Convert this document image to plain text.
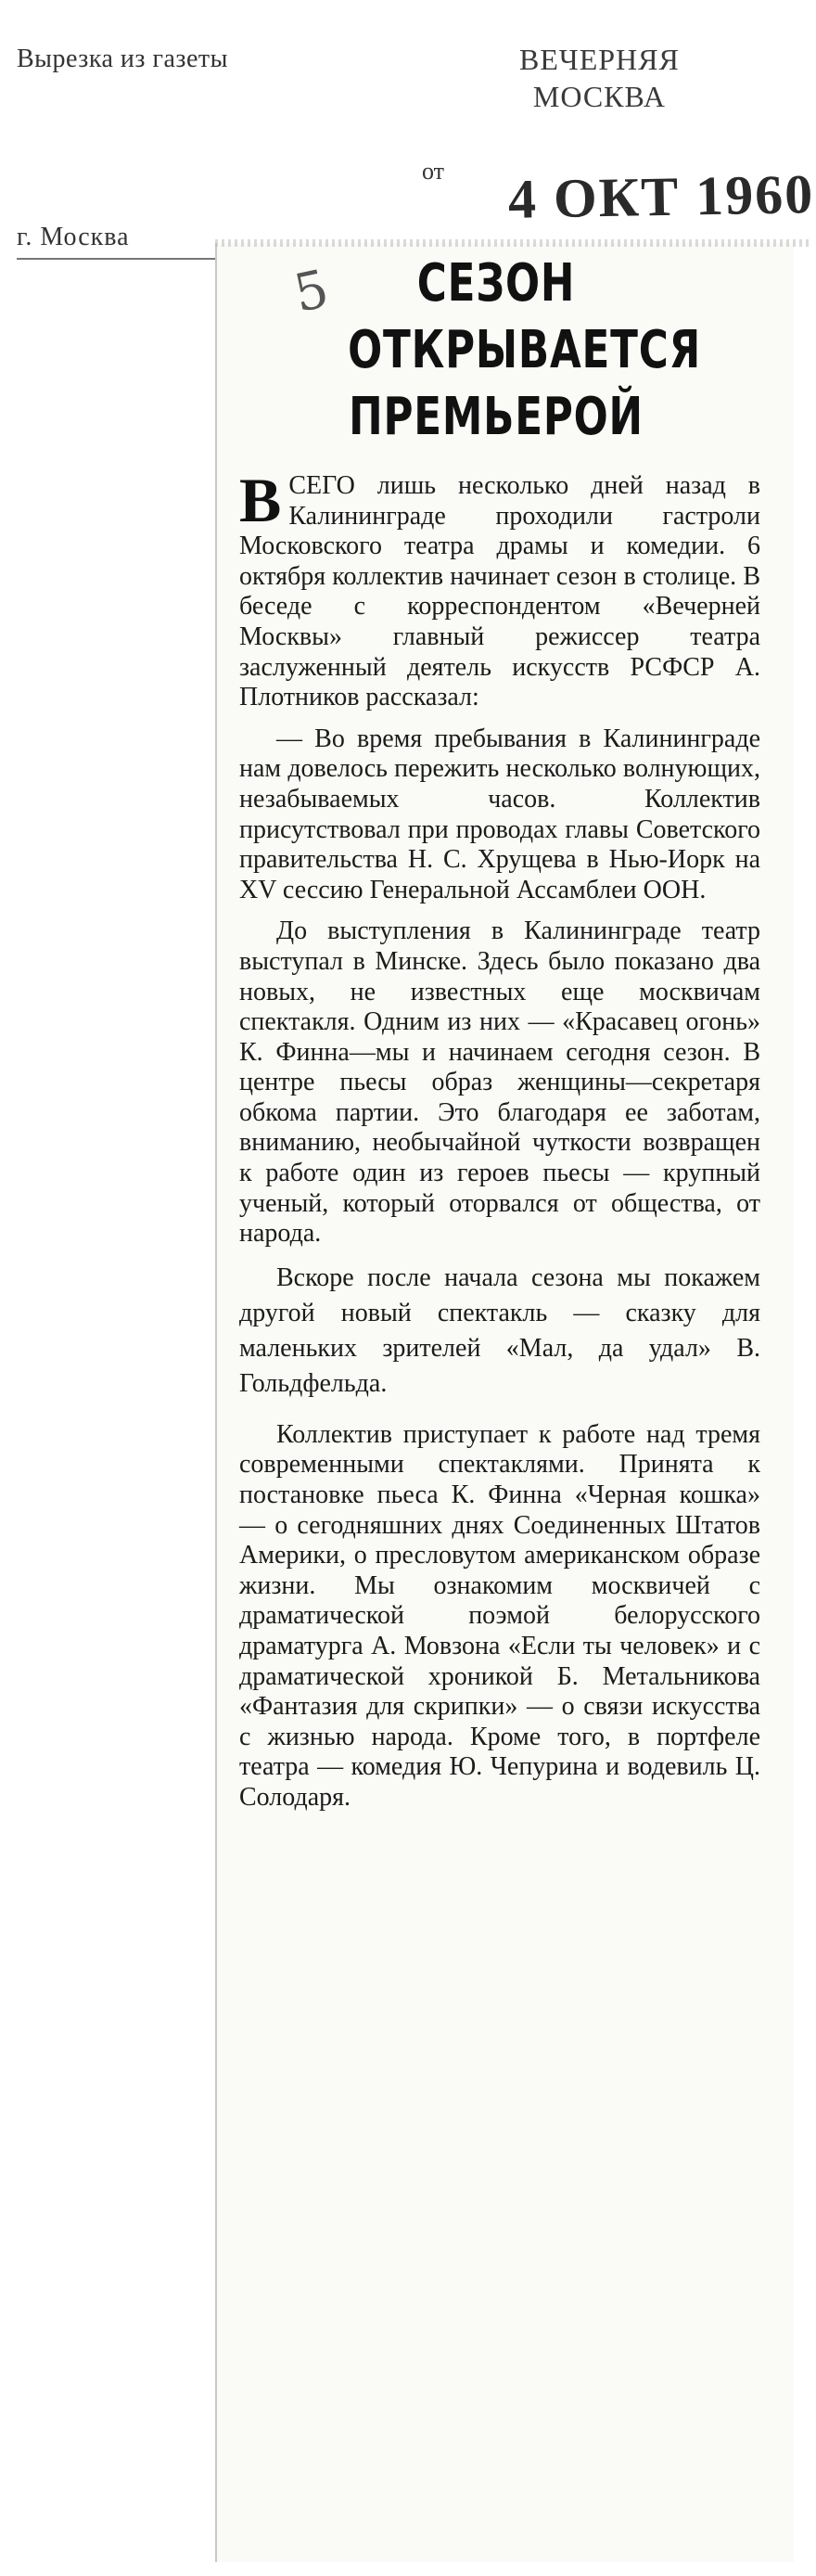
Вырезка из газеты	ВЕЧЕРНЯЯ
МОСКВА
от 4 ОКТ 1960
г. Москва
5	СЕЗОН
ОТКРЫВАЕТСЯ
ПРЕМЬЕРОЙ

ВСЕГО лишь несколько дней назад в Калининграде проходили гастроли Московского театра драмы и комедии. 6 октября коллектив начинает сезон в столице. В беседе с корреспондентом «Вечерней Москвы» главный режиссер театра заслуженный деятель искусств РСФСР А. Плотников рассказал:

— Во время пребывания в Калининграде нам довелось пережить несколько волнующих, незабываемых часов. Коллектив присутствовал при проводах главы Советского правительства Н. С. Хрущева в Нью-Иорк на XV сессию Генеральной Ассамблеи ООН.

До выступления в Калининграде театр выступал в Минске. Здесь было показано два новых, не известных еще москвичам спектакля. Одним из них — «Красавец огонь» К. Финна—мы и начинаем сегодня сезон. В центре пьесы образ женщины—секретаря обкома партии. Это благодаря ее заботам, вниманию, необычайной чуткости возвращен к работе один из героев пьесы — крупный ученый, который оторвался от общества, от народа.

Вскоре после начала сезона мы покажем другой новый спектакль — сказку для маленьких зрителей «Мал, да удал» В. Гольдфельда.

Коллектив приступает к работе над тремя современными спектаклями. Принята к постановке пьеса К. Финна «Черная кошка» — о сегодняшних днях Соединенных Штатов Америки, о пресловутом американском образе жизни. Мы ознакомим москвичей с драматической поэмой белорусского драматурга А. Мовзона «Если ты человек» и с драматической хроникой Б. Метальникова «Фантазия для скрипки» — о связи искусства с жизнью народа. Кроме того, в портфеле театра — комедия Ю. Чепурина и водевиль Ц. Солодаря.
